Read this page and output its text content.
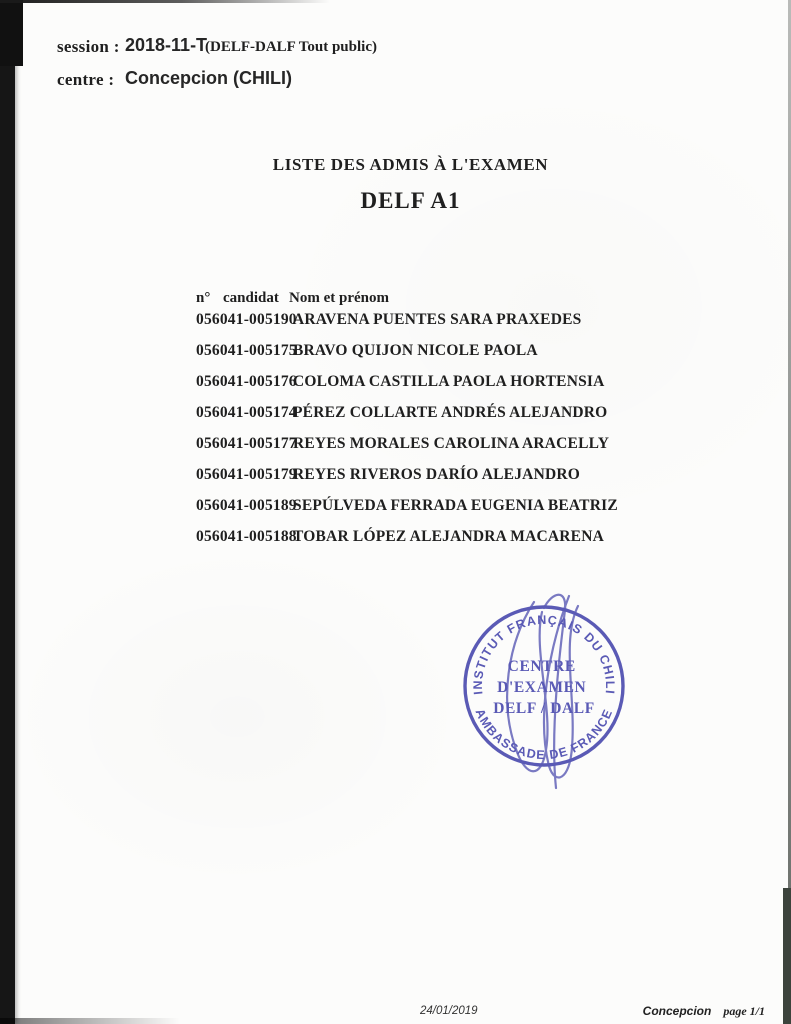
session : 2018-11-T
(DELF-DALF Tout public)
centre : Concepcion (CHILI)
LISTE DES ADMIS À L'EXAMEN
DELF A1
n° candidat Nom et prénom
056041-005190ARAVENA PUENTES SARA PRAXEDES
056041-005175BRAVO QUIJON NICOLE PAOLA
056041-005176COLOMA CASTILLA PAOLA HORTENSIA
056041-005174PÉREZ COLLARTE ANDRÉS ALEJANDRO
056041-005177REYES MORALES CAROLINA ARACELLY
056041-005179REYES RIVEROS DARÍO ALEJANDRO
056041-005189SEPÚLVEDA FERRADA EUGENIA BEATRIZ
056041-005188TOBAR LÓPEZ ALEJANDRA MACARENA
INSTITUT FRANÇAIS DU CHILI
AMBASSADE DE FRANCE
CENTRE D'EXAMEN DELF / DALF
24/01/2019	Concepcion page 1/1
